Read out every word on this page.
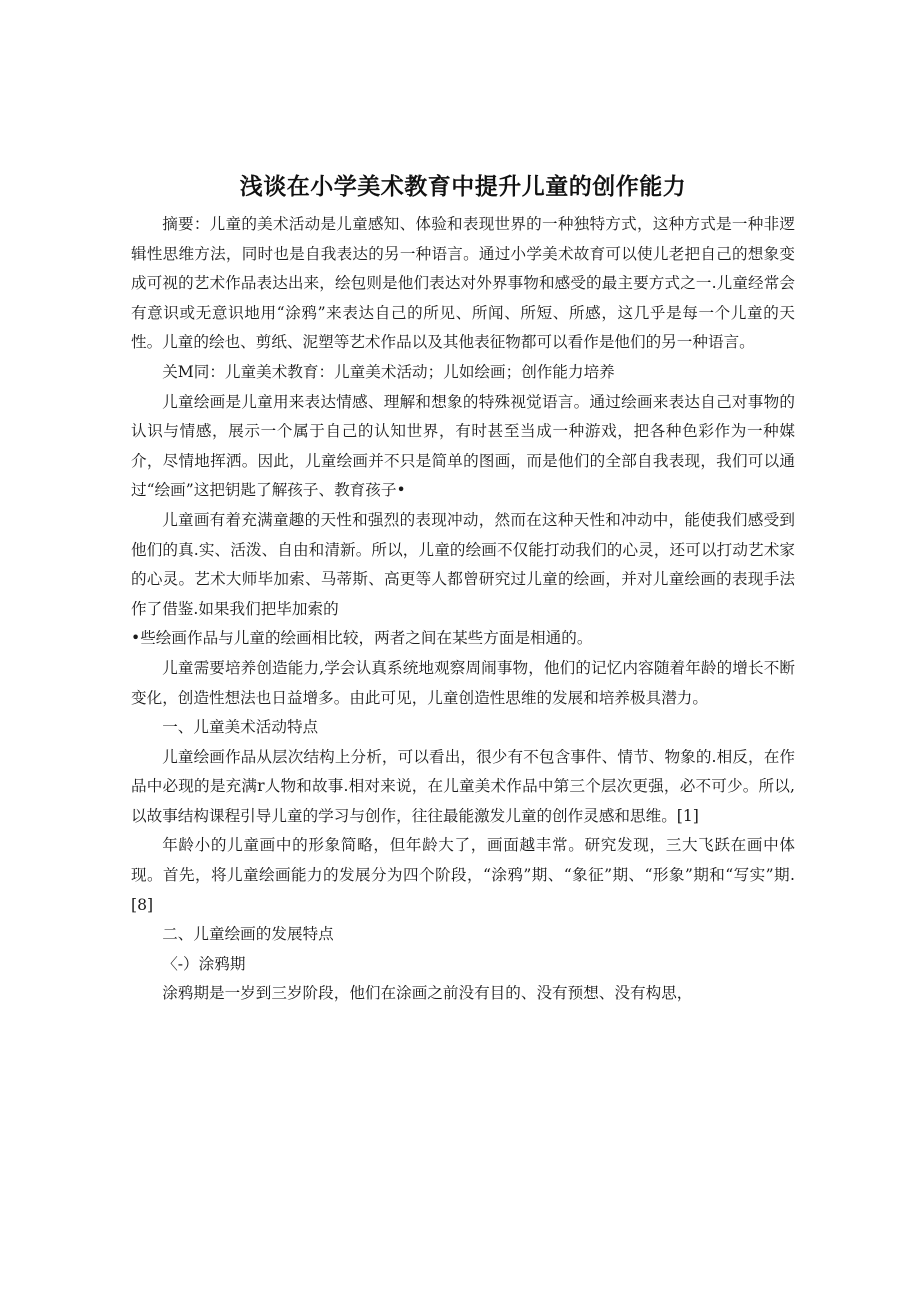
浅谈在小学美术教育中提升儿童的创作能力

摘要：儿童的美术活动是儿童感知、体验和表现世界的一种独特方式，这种方式是一种非逻辑性思维方法，同时也是自我表达的另一种语言。通过小学美术故育可以使儿老把自己的想象变成可视的艺术作品表达出来，绘包则是他们表达对外界事物和感受的最主要方式之一.儿童经常会有意识或无意识地用“涂鸦”来表达自己的所见、所闻、所短、所感，这几乎是每一个儿童的天性。儿童的绘也、剪纸、泥塑等艺术作品以及其他表征物都可以看作是他们的另一种语言。

关M同：儿童美术教育：儿童美术活动；儿如绘画；创作能力培养

儿童绘画是儿童用来表达情感、理解和想象的特殊视觉语言。通过绘画来表达自己对事物的认识与情感，展示一个属于自己的认知世界，有时甚至当成一种游戏，把各种色彩作为一种媒介，尽情地挥洒。因此，儿童绘画并不只是简单的图画，而是他们的全部自我表现，我们可以通过“绘画”这把钥匙了解孩子、教育孩子•

儿童画有着充满童趣的天性和强烈的表现冲动，然而在这种天性和冲动中，能使我们感受到他们的真.实、活泼、自由和清新。所以，儿童的绘画不仅能打动我们的心灵，还可以打动艺术家的心灵。艺术大师毕加索、马蒂斯、高更等人都曾研究过儿童的绘画，并对儿童绘画的表现手法作了借鉴.如果我们把毕加索的

•些绘画作品与儿童的绘画相比较，两者之间在某些方面是相通的。

儿童需要培养创造能力,学会认真系统地观察周闹事物，他们的记忆内容随着年龄的增长不断变化，创造性想法也日益增多。由此可见，儿童创造性思维的发展和培养极具潜力。

一、儿童美术活动特点

儿童绘画作品从层次结构上分析，可以看出，很少有不包含事件、情节、物象的.相反，在作品中必现的是充满r人物和故事.相对来说，在儿童美术作品中第三个层次更强，必不可少。所以,以故事结构课程引导儿童的学习与创作，往往最能激发儿童的创作灵感和思维。[1]

年龄小的儿童画中的形象简略，但年龄大了，画面越丰常。研究发现，三大飞跃在画中体现。首先，将儿童绘画能力的发展分为四个阶段，“涂鸦”期、“象征”期、“形象”期和“写实”期.[8]

二、儿童绘画的发展特点

〈-）涂鸦期

涂鸦期是一岁到三岁阶段，他们在涂画之前没有目的、没有预想、没有构思，
